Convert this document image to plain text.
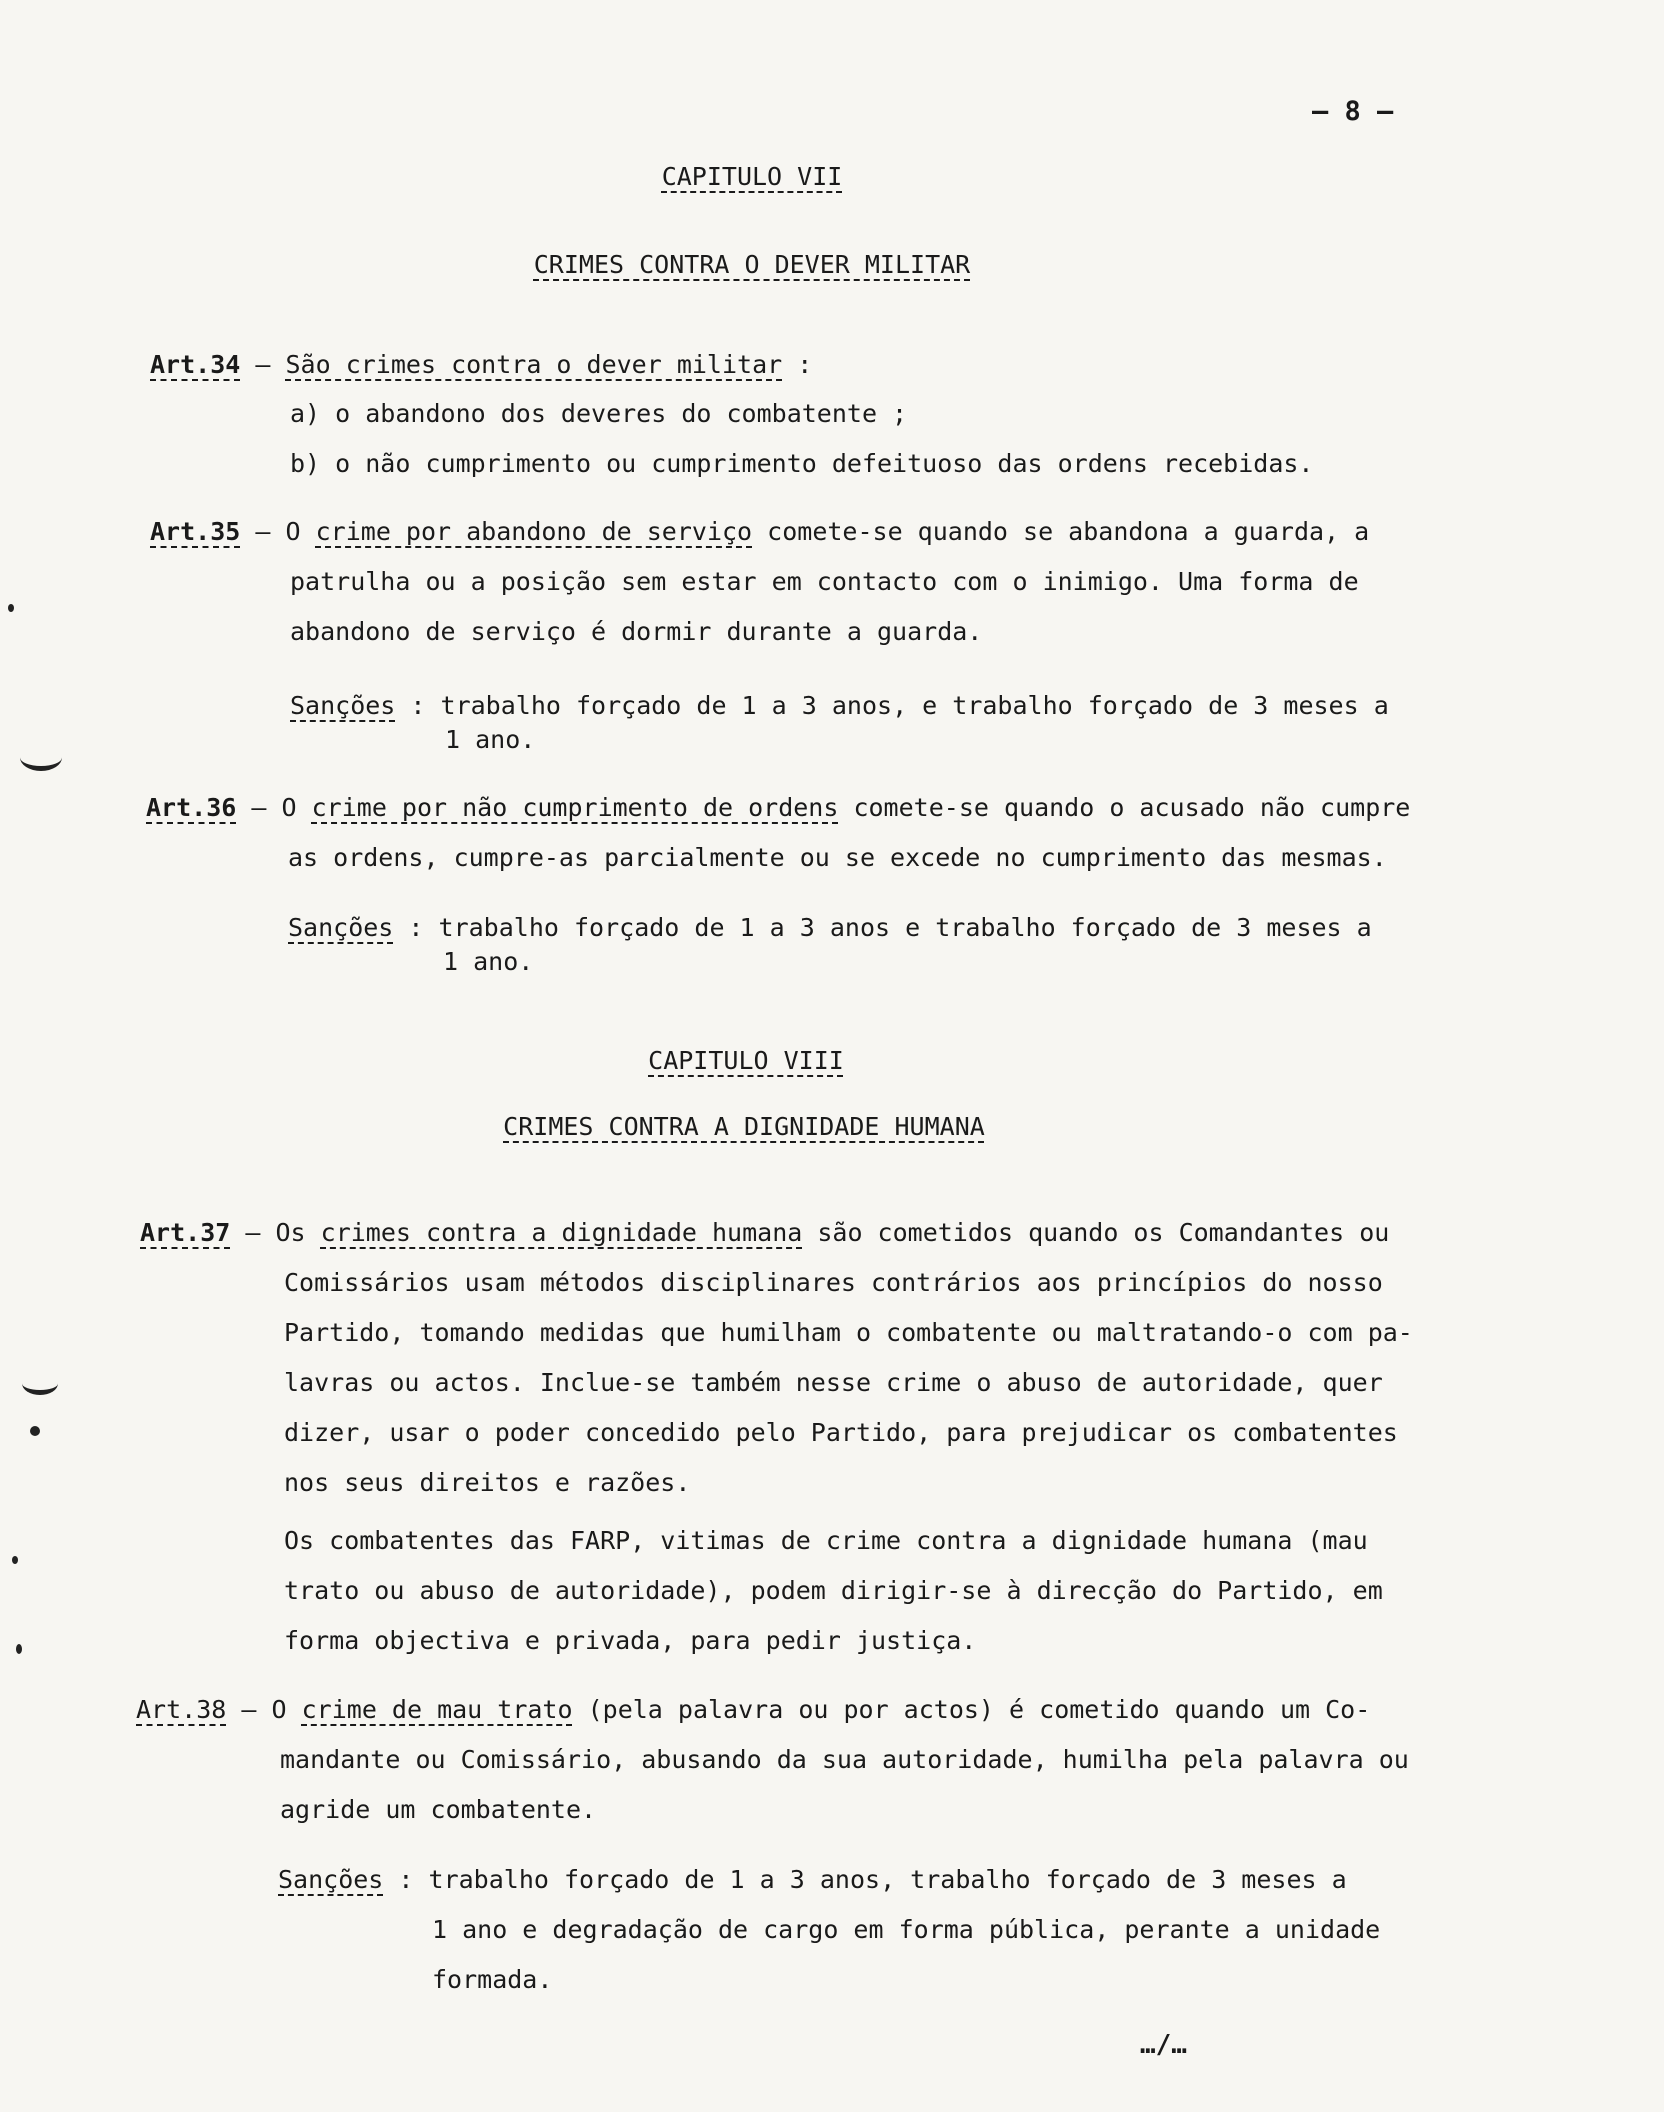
– 8 –
CAPITULO VII
CRIMES CONTRA O DEVER MILITAR
Art.34 – São crimes contra o dever militar :
a) o abandono dos deveres do combatente ;
b) o não cumprimento ou cumprimento defeituoso das ordens recebidas.
Art.35 – O crime por abandono de serviço comete-se quando se abandona a guarda, a
patrulha ou a posição sem estar em contacto com o inimigo. Uma forma de
abandono de serviço é dormir durante a guarda.
Sanções : trabalho forçado de 1 a 3 anos, e trabalho forçado de 3 meses a
1 ano.
Art.36 – O crime por não cumprimento de ordens comete-se quando o acusado não cumpre
as ordens, cumpre-as parcialmente ou se excede no cumprimento das mesmas.
Sanções : trabalho forçado de 1 a 3 anos e trabalho forçado de 3 meses a
1 ano.
CAPITULO VIII
CRIMES CONTRA A DIGNIDADE HUMANA
Art.37 – Os crimes contra a dignidade humana são cometidos quando os Comandantes ou
Comissários usam métodos disciplinares contrários aos princípios do nosso
Partido, tomando medidas que humilham o combatente ou maltratando-o com pa-
lavras ou actos. Inclue-se também nesse crime o abuso de autoridade, quer
dizer, usar o poder concedido pelo Partido, para prejudicar os combatentes
nos seus direitos e razões.
Os combatentes das FARP, vitimas de crime contra a dignidade humana (mau
trato ou abuso de autoridade), podem dirigir-se à direcção do Partido, em
forma objectiva e privada, para pedir justiça.
Art.38 – O crime de mau trato (pela palavra ou por actos) é cometido quando um Co-
mandante ou Comissário, abusando da sua autoridade, humilha pela palavra ou
agride um combatente.
Sanções : trabalho forçado de 1 a 3 anos, trabalho forçado de 3 meses a
1 ano e degradação de cargo em forma pública, perante a unidade
formada.
…/…
